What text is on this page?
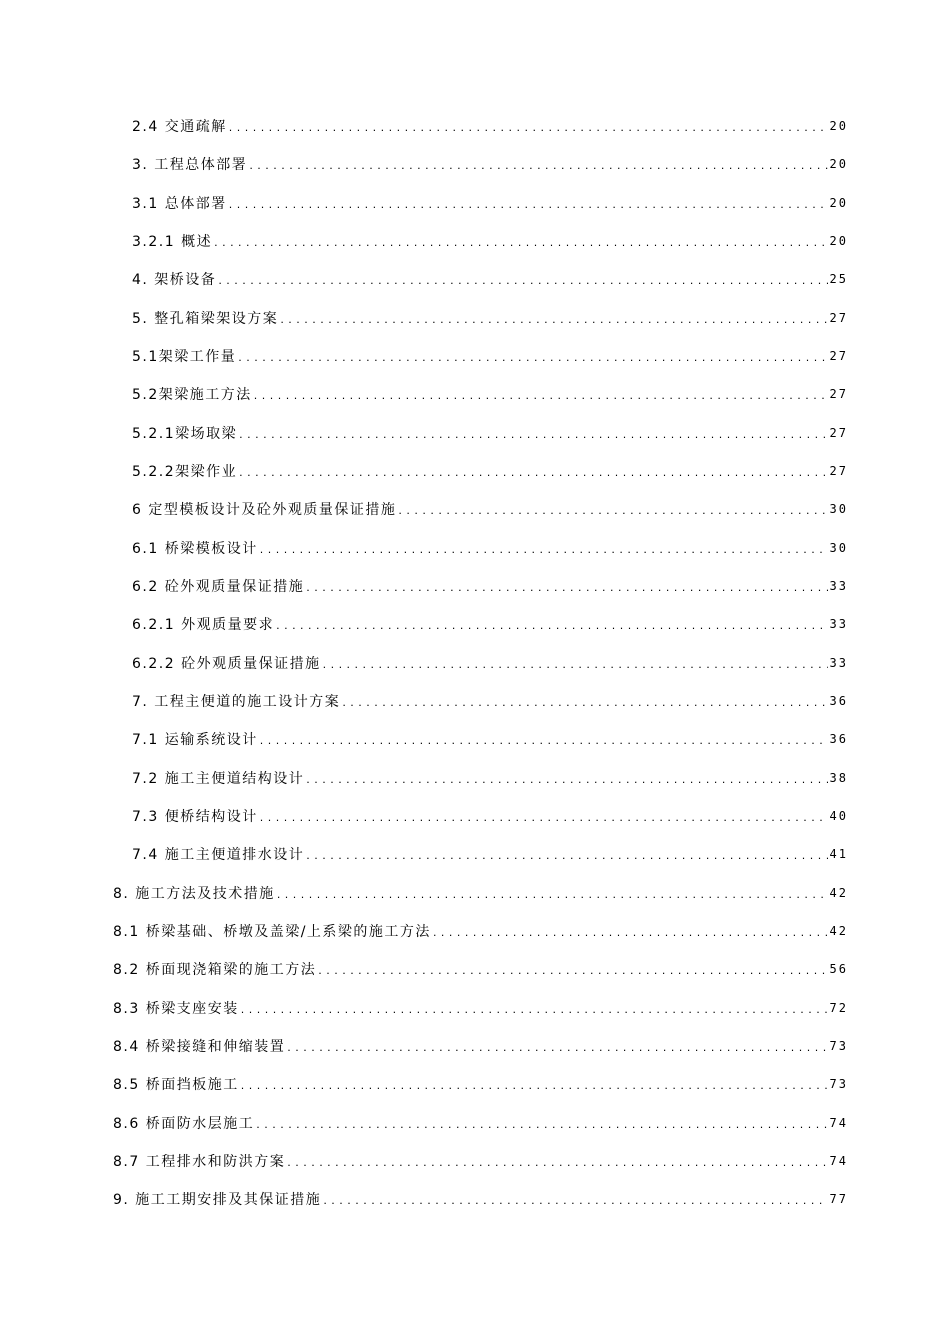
2.4 交通疏解 . . .	20
3. 工程总体部署 . . .	20
3.1 总体部署 . . .	20
3.2.1 概述 . . .	20
4. 架桥设备 . . .	25
5. 整孔箱梁架设方案 . . .	27
5.1架梁工作量 . . .	27
5.2架梁施工方法 . . .	27
5.2.1梁场取梁 . . .	27
5.2.2架梁作业 . . .	27
6 定型模板设计及砼外观质量保证措施 . . .	30
6.1 桥梁模板设计 . . .	30
6.2 砼外观质量保证措施 . . .	33
6.2.1 外观质量要求 . . .	33
6.2.2 砼外观质量保证措施 . . .	33
7. 工程主便道的施工设计方案 . . .	36
7.1 运输系统设计 . . .	36
7.2 施工主便道结构设计 . . .	38
7.3 便桥结构设计 . . .	40
7.4 施工主便道排水设计 . . .	41
8. 施工方法及技术措施 . . .	42
8.1 桥梁基础、桥墩及盖梁/上系梁的施工方法 . . .	42
8.2 桥面现浇箱梁的施工方法 . . .	56
8.3 桥梁支座安装 . . .	72
8.4 桥梁接缝和伸缩装置 . . .	73
8.5 桥面挡板施工 . . .	73
8.6 桥面防水层施工 . . .	74
8.7 工程排水和防洪方案 . . .	74
9. 施工工期安排及其保证措施 . . .	77
